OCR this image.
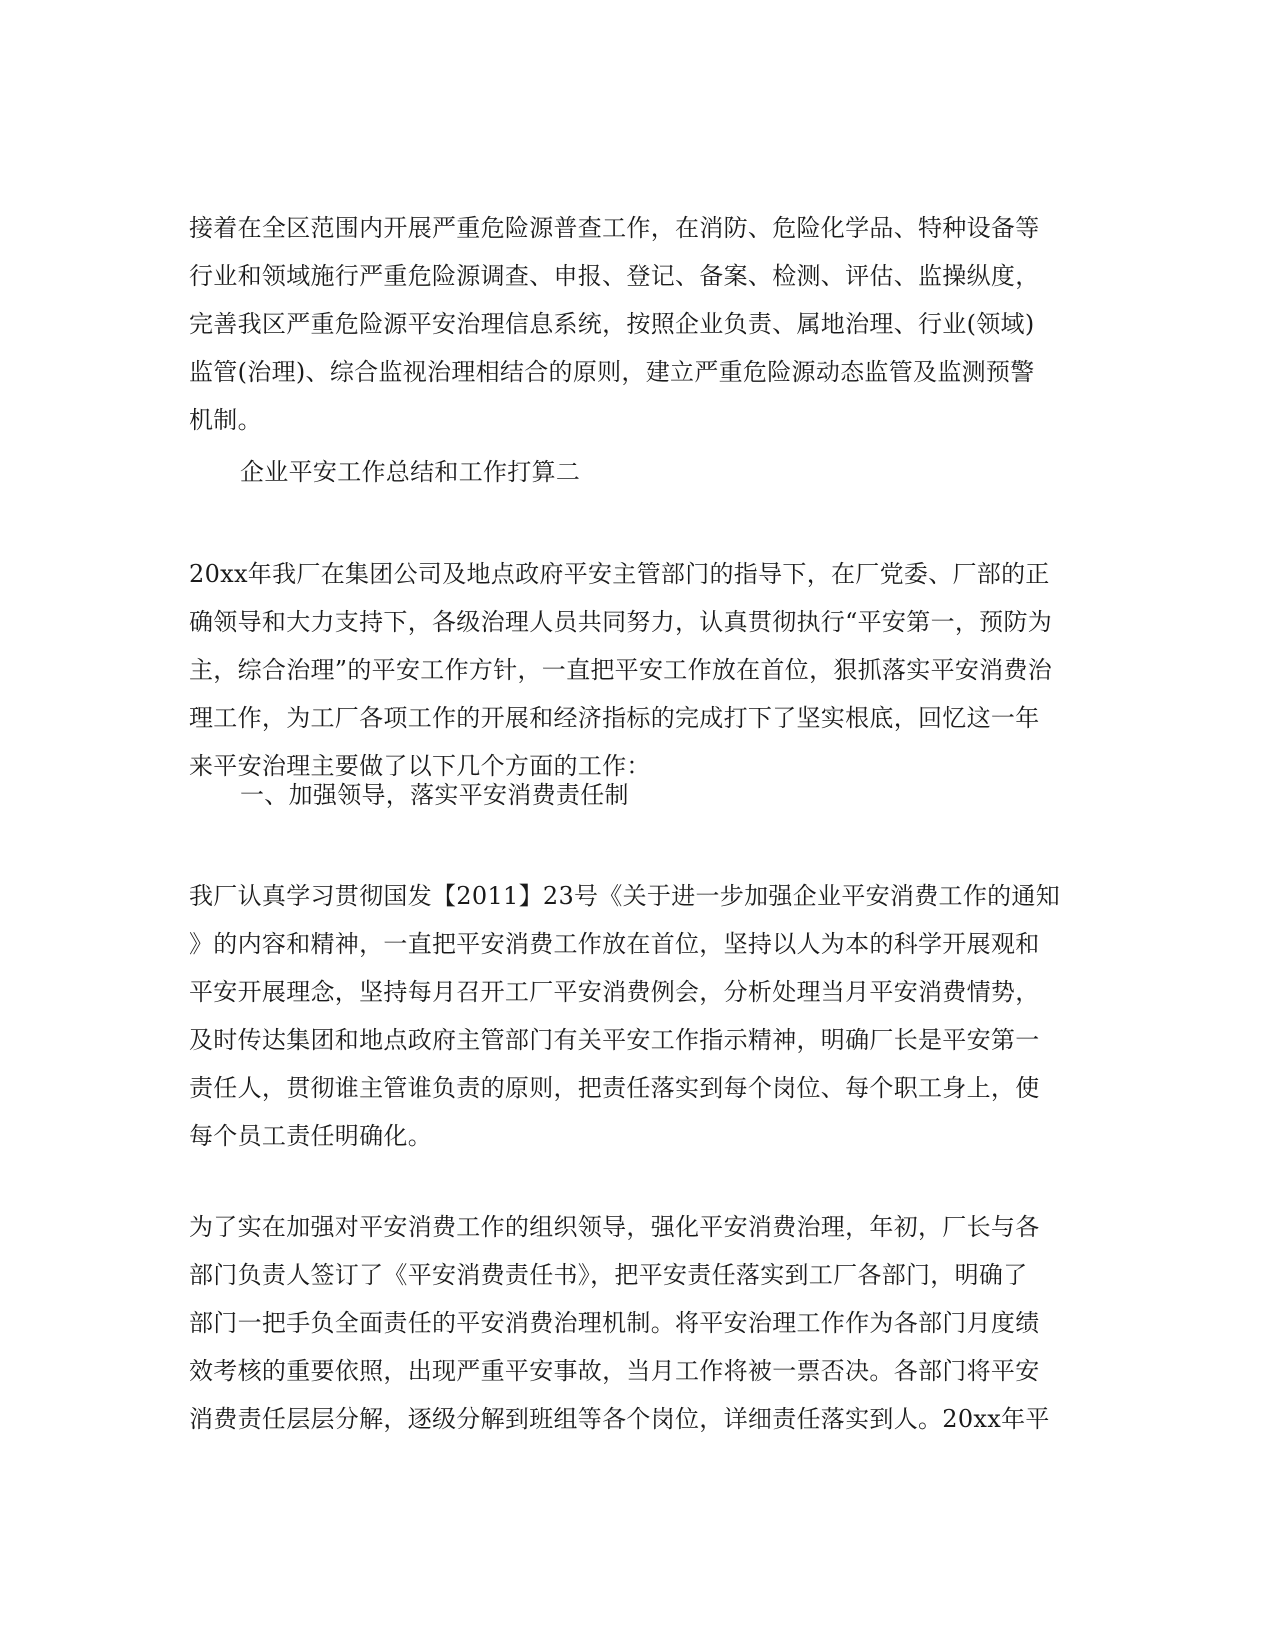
接着在全区范围内开展严重危险源普查工作，在消防、危险化学品、特种设备等
行业和领域施行严重危险源调查、申报、登记、备案、检测、评估、监操纵度，
完善我区严重危险源平安治理信息系统，按照企业负责、属地治理、行业(领域)
监管(治理)、综合监视治理相结合的原则，建立严重危险源动态监管及监测预警
机制。
企业平安工作总结和工作打算二
20xx年我厂在集团公司及地点政府平安主管部门的指导下，在厂党委、厂部的正
确领导和大力支持下，各级治理人员共同努力，认真贯彻执行“平安第一，预防为
主，综合治理”的平安工作方针，一直把平安工作放在首位，狠抓落实平安消费治
理工作，为工厂各项工作的开展和经济指标的完成打下了坚实根底，回忆这一年
来平安治理主要做了以下几个方面的工作：
一、加强领导，落实平安消费责任制
我厂认真学习贯彻国发【2011】23号《关于进一步加强企业平安消费工作的通知
》的内容和精神，一直把平安消费工作放在首位，坚持以人为本的科学开展观和
平安开展理念，坚持每月召开工厂平安消费例会，分析处理当月平安消费情势，
及时传达集团和地点政府主管部门有关平安工作指示精神，明确厂长是平安第一
责任人，贯彻谁主管谁负责的原则，把责任落实到每个岗位、每个职工身上，使
每个员工责任明确化。
为了实在加强对平安消费工作的组织领导，强化平安消费治理，年初，厂长与各
部门负责人签订了《平安消费责任书》，把平安责任落实到工厂各部门，明确了
部门一把手负全面责任的平安消费治理机制。将平安治理工作作为各部门月度绩
效考核的重要依照，出现严重平安事故，当月工作将被一票否决。各部门将平安
消费责任层层分解，逐级分解到班组等各个岗位，详细责任落实到人。20xx年平
